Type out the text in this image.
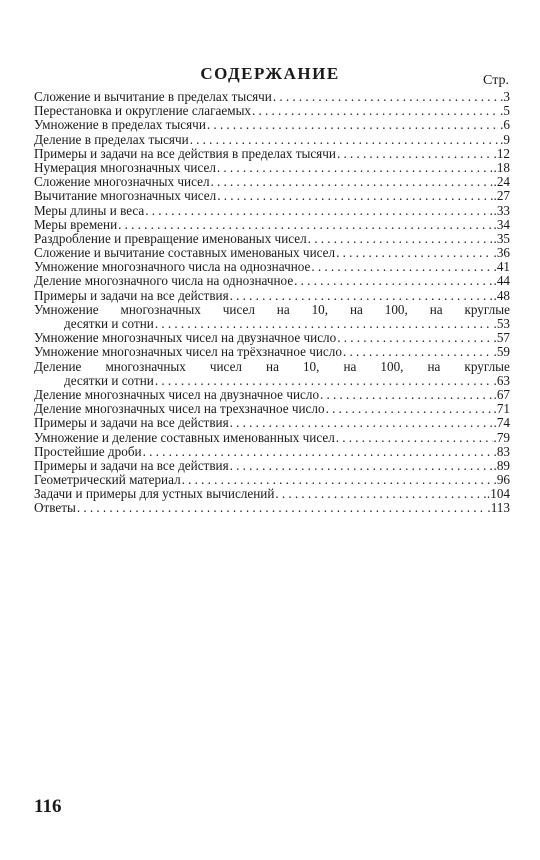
СОДЕРЖАНИЕ	Стр.
Сложение и вычитание в пределах тысячи .....	.3
Перестановка и округление слагаемых .....	.5
Умножение в пределах тысячи .....	.6
Деление в пределах тысячи .....	.9
Примеры и задачи на все действия в пределах тысячи .....	.12
Нумерация многозначных чисел .....	.18
Сложение многозначных чисел .....	.24
Вычитание многозначных чисел .....	.27
Меры длины и веса .....	.33
Меры времени .....	.34
Раздробление и превращение именованых чисел .....	.35
Сложение и вычитание составных именованых чисел .....	.36
Умножение многозначного числа на однозначное .....	.41
Деление многозначного числа на однозначное .....	.44
Примеры и задачи на все действия .....	.48
Умножение многозначных чисел на 10, на 100, на круглые
десятки и сотни .....	.53
Умножение многозначных чисел на двузначное число .....	.57
Умножение многозначных чисел на трёхзначное число .....	.59
Деление многозначных чисел на 10, на 100, на круглые
десятки и сотни .....	.63
Деление многозначных чисел на двузначное число .....	.67
Деление многозначных чисел на трехзначное число .....	.71
Примеры и задачи на все действия .....	.74
Умножение и деление составных именованных чисел .....	.79
Простейшие дроби .....	.83
Примеры и задачи на все действия .....	.89
Геометрический материал .....	.96
Задачи и примеры для устных вычислений .....	.104
Ответы .....	.113
116
